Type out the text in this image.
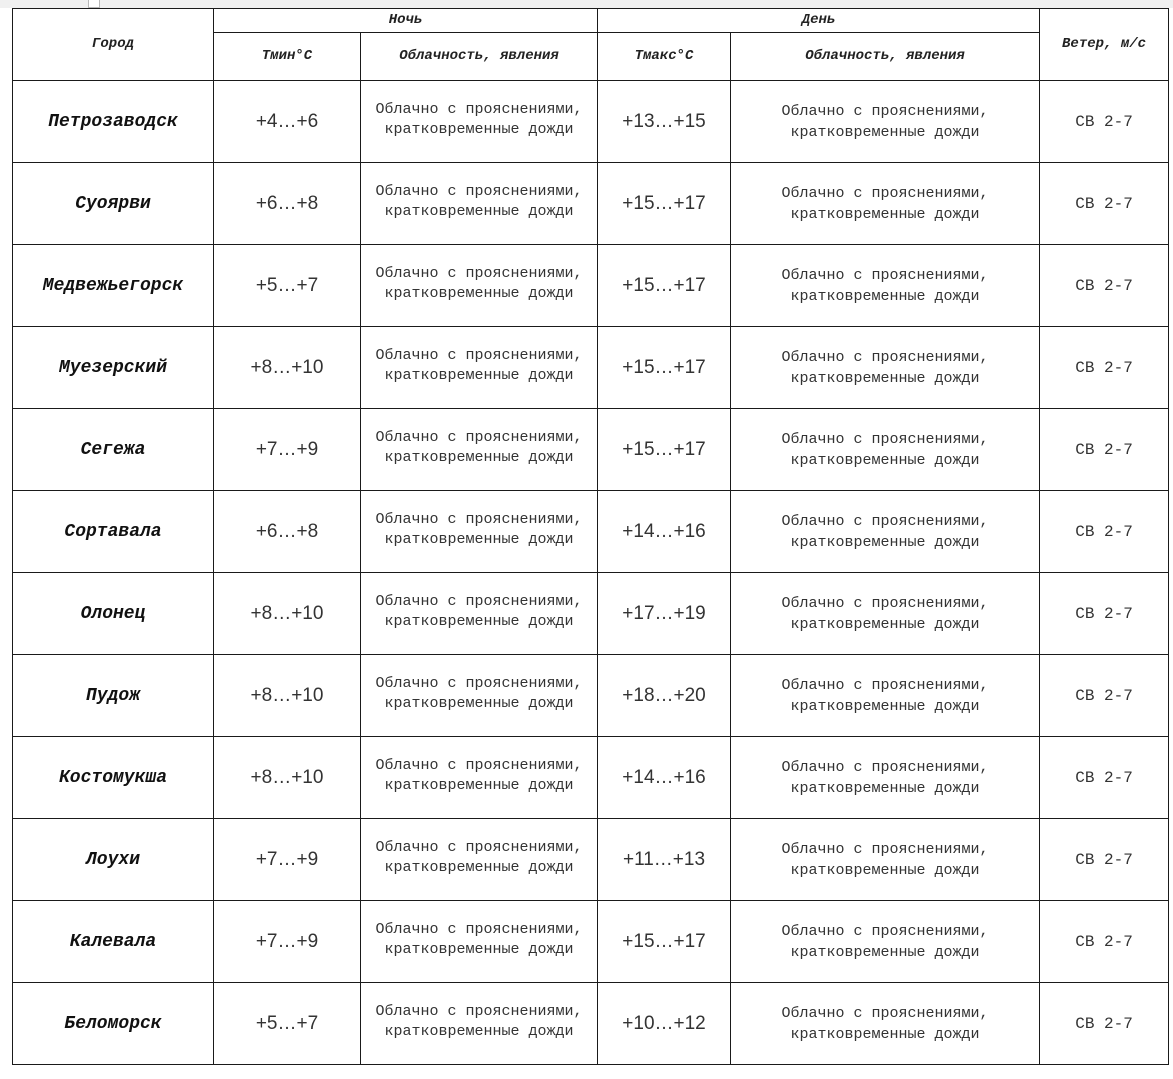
Город	Ночь		День		Ветер, м/с
	Тмин°С	Облачность, явления	Тмакс°С	Облачность, явления	
Петрозаводск	+4…+6	Облачно с прояснениями, кратковременные дожди	+13…+15	Облачно с прояснениями, кратковременные дожди	СВ 2-7
Суоярви	+6…+8	Облачно с прояснениями, кратковременные дожди	+15…+17	Облачно с прояснениями, кратковременные дожди	СВ 2-7
Медвежьегорск	+5…+7	Облачно с прояснениями, кратковременные дожди	+15…+17	Облачно с прояснениями, кратковременные дожди	СВ 2-7
Муезерский	+8…+10	Облачно с прояснениями, кратковременные дожди	+15…+17	Облачно с прояснениями, кратковременные дожди	СВ 2-7
Сегежа	+7…+9	Облачно с прояснениями, кратковременные дожди	+15…+17	Облачно с прояснениями, кратковременные дожди	СВ 2-7
Сортавала	+6…+8	Облачно с прояснениями, кратковременные дожди	+14…+16	Облачно с прояснениями, кратковременные дожди	СВ 2-7
Олонец	+8…+10	Облачно с прояснениями, кратковременные дожди	+17…+19	Облачно с прояснениями, кратковременные дожди	СВ 2-7
Пудож	+8…+10	Облачно с прояснениями, кратковременные дожди	+18…+20	Облачно с прояснениями, кратковременные дожди	СВ 2-7
Костомукша	+8…+10	Облачно с прояснениями, кратковременные дожди	+14…+16	Облачно с прояснениями, кратковременные дожди	СВ 2-7
Лоухи	+7…+9	Облачно с прояснениями, кратковременные дожди	+11…+13	Облачно с прояснениями, кратковременные дожди	СВ 2-7
Калевала	+7…+9	Облачно с прояснениями, кратковременные дожди	+15…+17	Облачно с прояснениями, кратковременные дожди	СВ 2-7
Беломорск	+5…+7	Облачно с прояснениями, кратковременные дожди	+10…+12	Облачно с прояснениями, кратковременные дожди	СВ 2-7
